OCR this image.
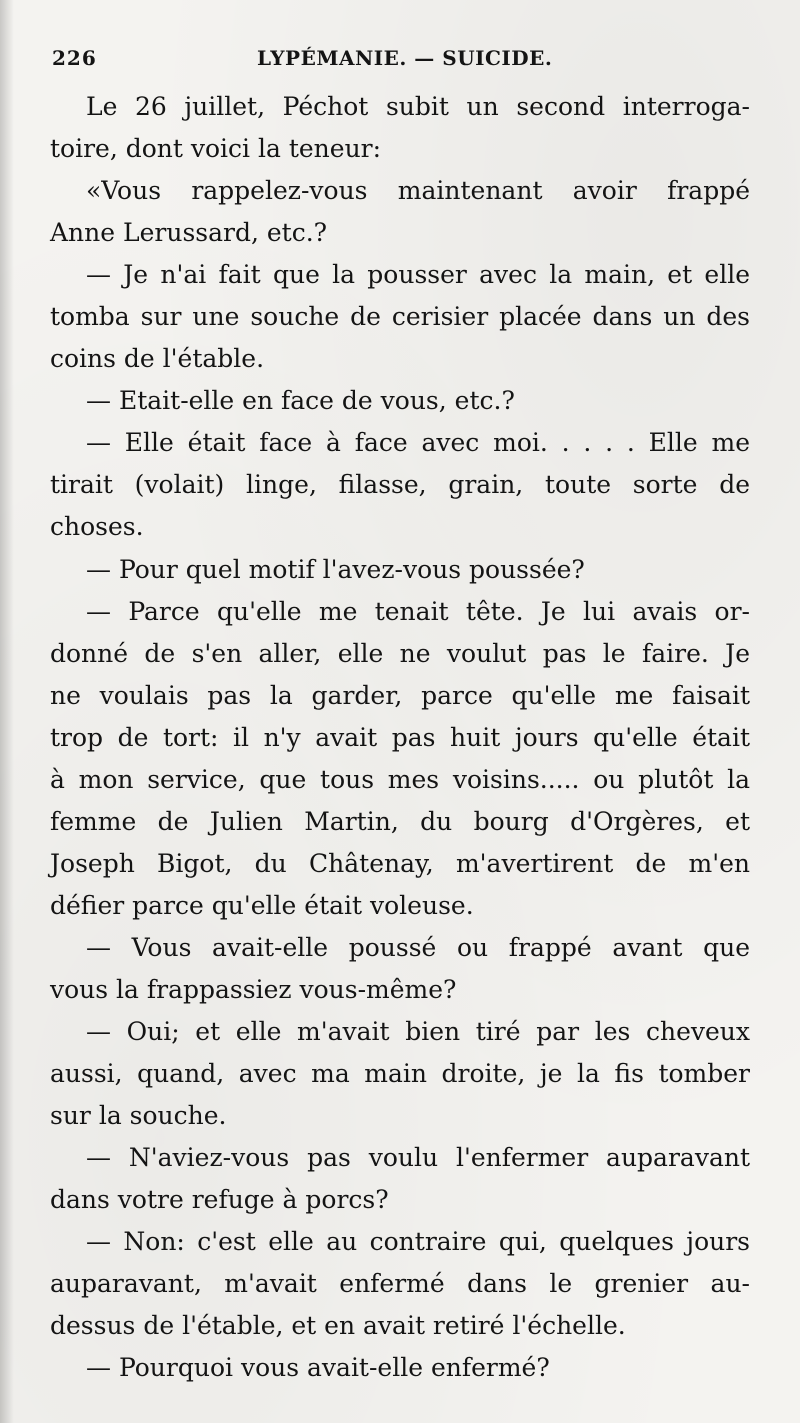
226	LYPÉMANIE. — SUICIDE.
Le 26 juillet, Péchot subit un second interroga-
toire, dont voici la teneur:
«Vous rappelez-vous maintenant avoir frappé
Anne Lerussard, etc.?
— Je n'ai fait que la pousser avec la main, et elle
tomba sur une souche de cerisier placée dans un des
coins de l'étable.
— Etait-elle en face de vous, etc.?
— Elle était face à face avec moi. . . . . Elle me
tirait (volait) linge, filasse, grain, toute sorte de
choses.
— Pour quel motif l'avez-vous poussée?
— Parce qu'elle me tenait tête. Je lui avais or-
donné de s'en aller, elle ne voulut pas le faire. Je
ne voulais pas la garder, parce qu'elle me faisait
trop de tort: il n'y avait pas huit jours qu'elle était
à mon service, que tous mes voisins..... ou plutôt la
femme de Julien Martin, du bourg d'Orgères, et
Joseph Bigot, du Châtenay, m'avertirent de m'en
défier parce qu'elle était voleuse.
— Vous avait-elle poussé ou frappé avant que
vous la frappassiez vous-même?
— Oui; et elle m'avait bien tiré par les cheveux
aussi, quand, avec ma main droite, je la fis tomber
sur la souche.
— N'aviez-vous pas voulu l'enfermer auparavant
dans votre refuge à porcs?
— Non: c'est elle au contraire qui, quelques jours
auparavant, m'avait enfermé dans le grenier au-
dessus de l'étable, et en avait retiré l'échelle.
— Pourquoi vous avait-elle enfermé?
